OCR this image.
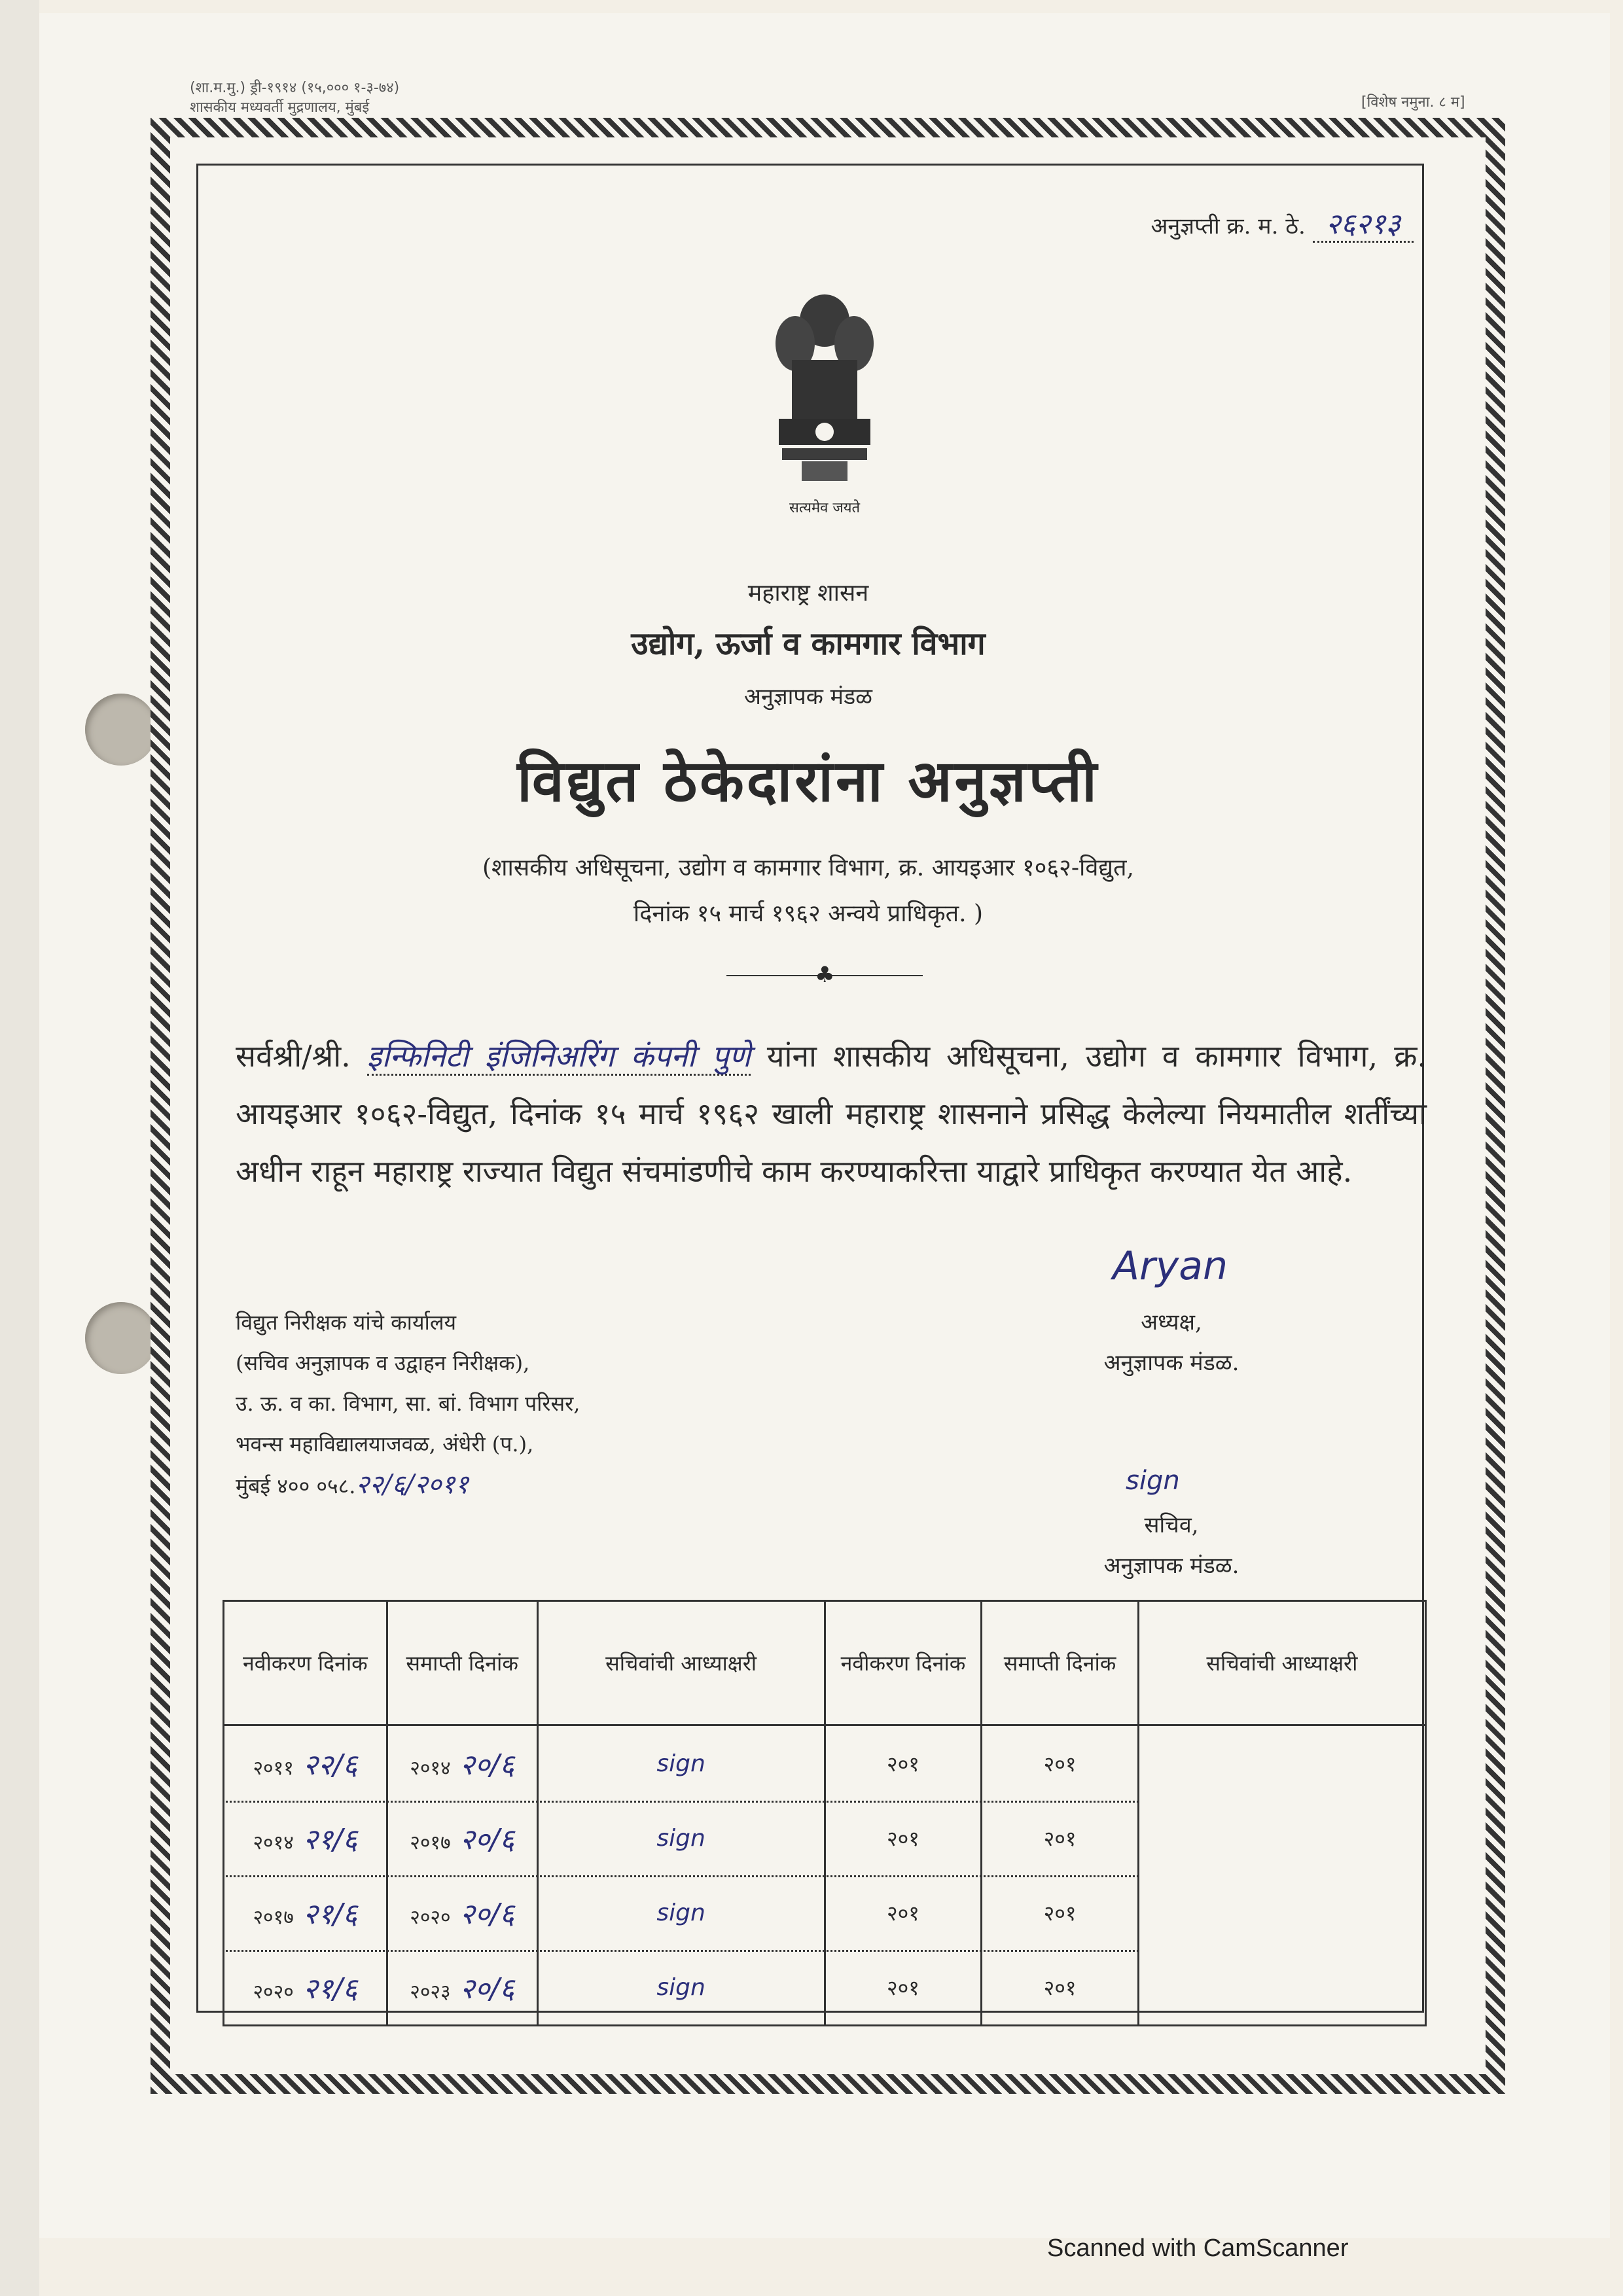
(शा.म.मु.) ड्री-१९१४ (१५,००० १-३-७४)
शासकीय मध्यवर्ती मुद्रणालय, मुंबई	[विशेष नमुना. ८ म]
अनुज्ञप्ती क्र. म. ठे. २६२१३
सत्यमेव जयते
महाराष्ट्र शासन
उद्योग, ऊर्जा व कामगार विभाग
अनुज्ञापक मंडळ
विद्युत ठेकेदारांना अनुज्ञप्ती
(शासकीय अधिसूचना, उद्योग व कामगार विभाग, क्र. आयइआर १०६२-विद्युत,
दिनांक १५ मार्च १९६२ अन्वये प्राधिकृत. )
♣
सर्वश्री/श्री. इन्फिनिटी इंजिनिअरिंग कंपनी पुणे यांना शासकीय अधिसूचना, उद्योग व कामगार विभाग, क्र. आयइआर १०६२-विद्युत, दिनांक १५ मार्च १९६२ खाली महाराष्ट्र शासनाने प्रसिद्ध केलेल्या नियमातील शर्तींच्या अधीन राहून महाराष्ट्र राज्यात विद्युत संचमांडणीचे काम करण्याकरित्ता याद्वारे प्राधिकृत करण्यात येत आहे.
Aryan
अध्यक्ष,
अनुज्ञापक मंडळ.
विद्युत निरीक्षक यांचे कार्यालय
(सचिव अनुज्ञापक व उद्वाहन निरीक्षक),
उ. ऊ. व का. विभाग, सा. बां. विभाग परिसर,
भवन्स महाविद्यालयाजवळ, अंधेरी (प.),
मुंबई ४०० ०५८.२२/६/२०११	sign
सचिव,
अनुज्ञापक मंडळ.
नवीकरण दिनांक	समाप्ती दिनांक	सचिवांची आध्याक्षरी	नवीकरण दिनांक	समाप्ती दिनांक	सचिवांची आध्याक्षरी
२०११ २२/६	२०१४ २०/६	sign	२०१	२०१	
२०१४ २१/६	२०१७ २०/६	sign	२०१	२०१	
२०१७ २१/६	२०२० २०/६	sign	२०१	२०१	
२०२० २१/६	२०२३ २०/६	sign	२०१	२०१	
Scanned with CamScanner
